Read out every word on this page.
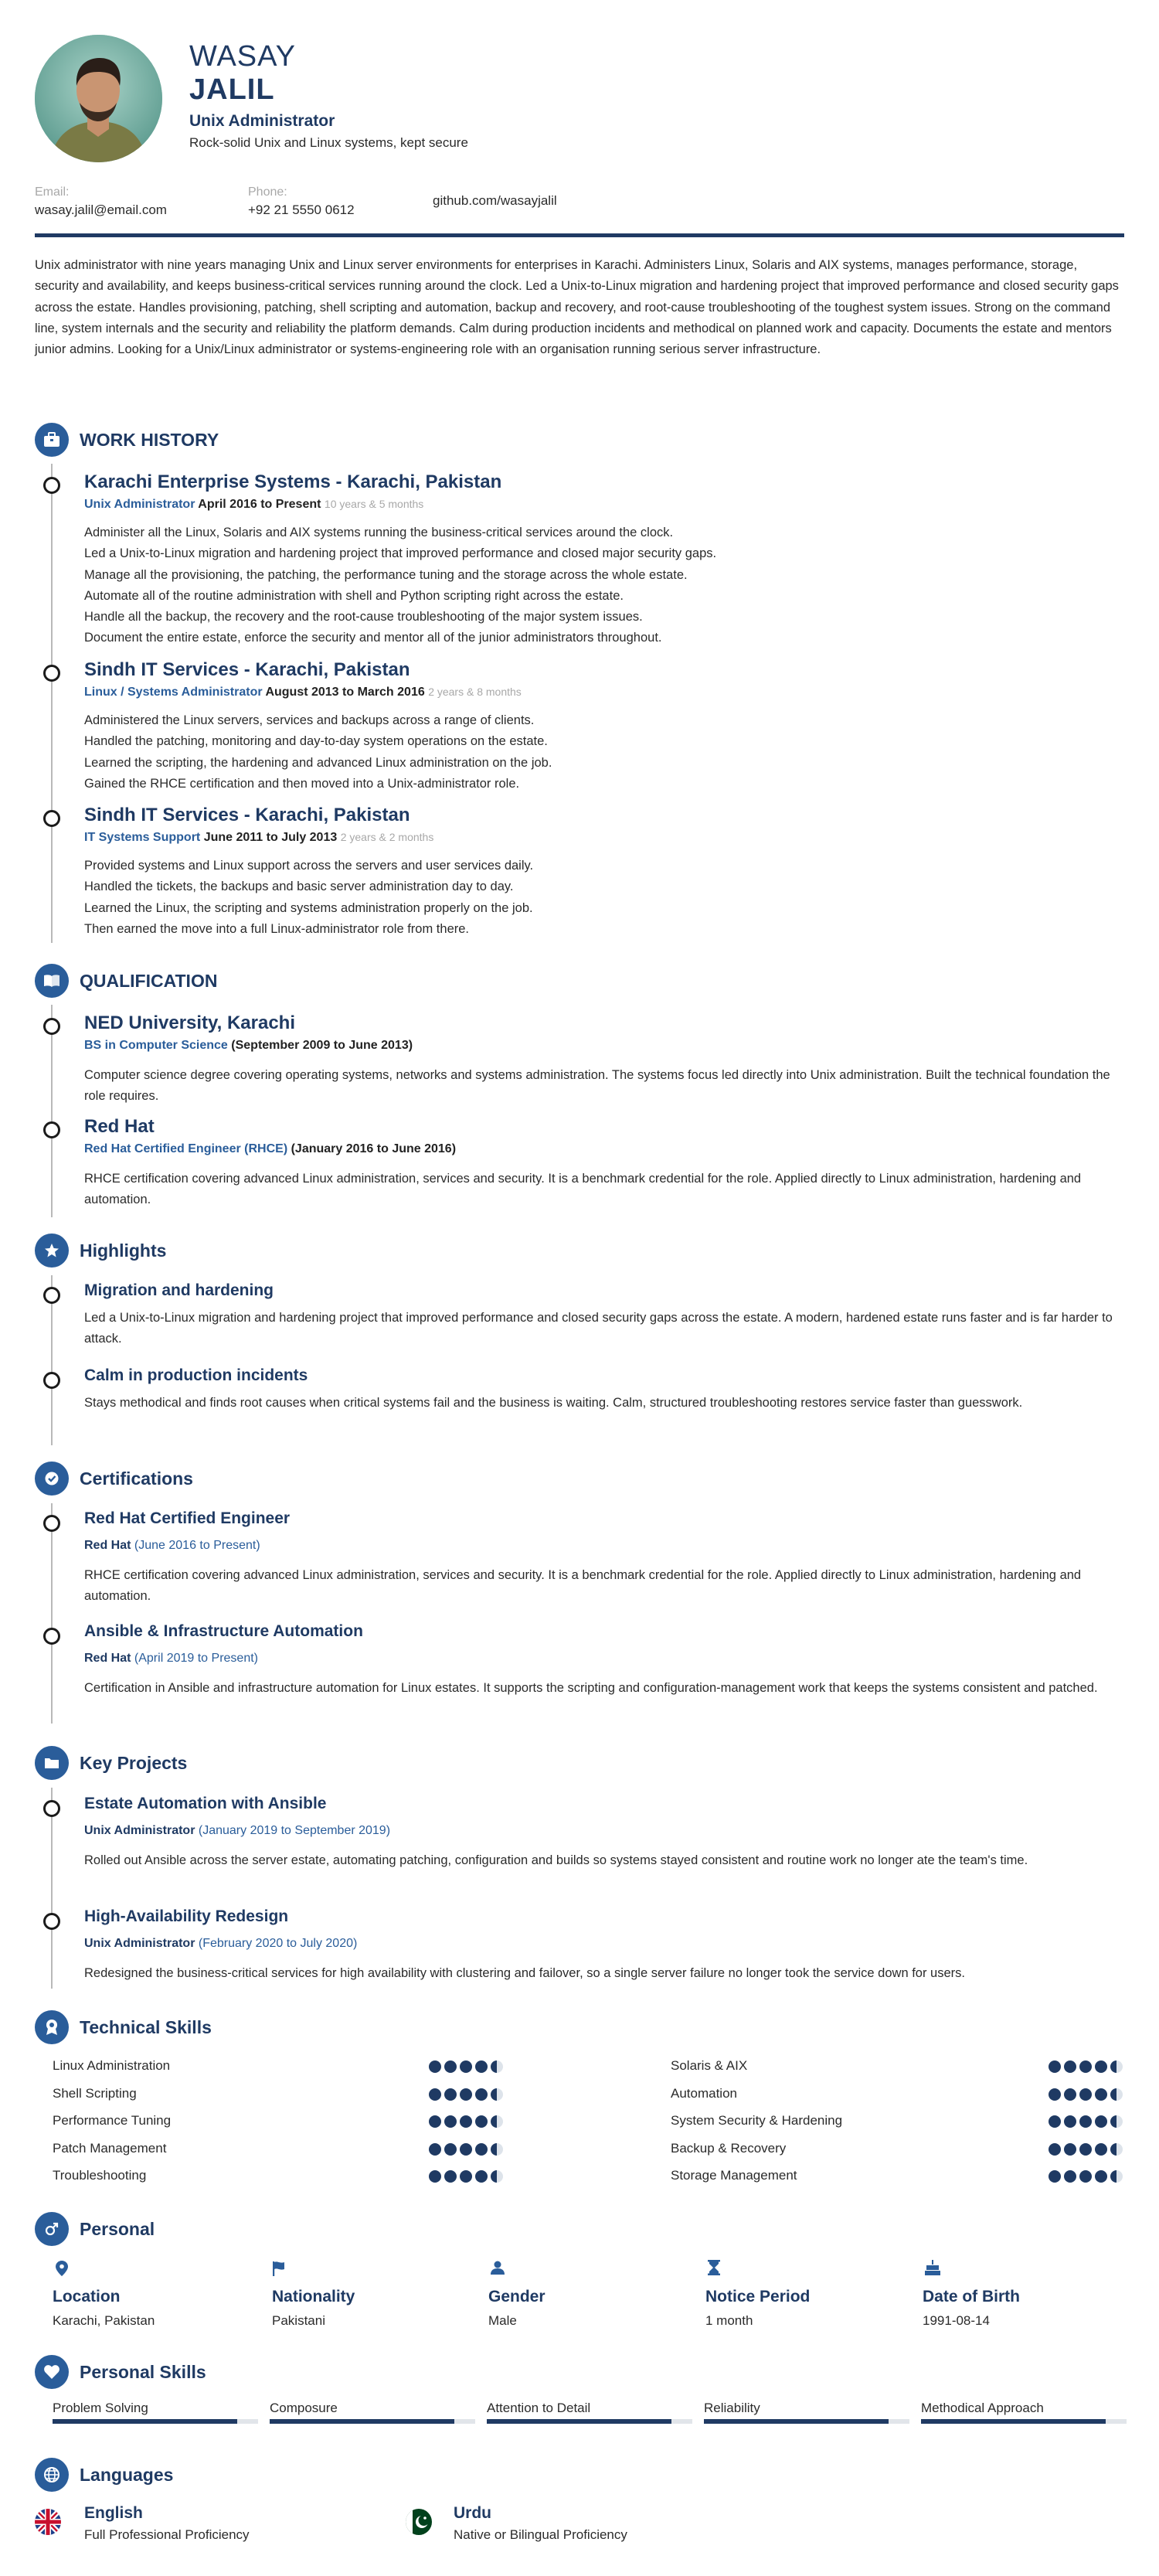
WASAY
JALIL
Unix Administrator
Rock-solid Unix and Linux systems, kept secure
Email:
wasay.jalil@email.com
Phone:
+92 21 5550 0612
github.com/wasayjalil
Unix administrator with nine years managing Unix and Linux server environments for enterprises in Karachi. Administers Linux, Solaris and AIX systems, manages performance, storage, security and availability, and keeps business-critical services running around the clock. Led a Unix-to-Linux migration and hardening project that improved performance and closed security gaps across the estate. Handles provisioning, patching, shell scripting and automation, backup and recovery, and root-cause troubleshooting of the toughest system issues. Strong on the command line, system internals and the security and reliability the platform demands. Calm during production incidents and methodical on planned work and capacity. Documents the estate and mentors junior admins. Looking for a Unix/Linux administrator or systems-engineering role with an organisation running serious server infrastructure.
WORK HISTORY
Karachi Enterprise Systems - Karachi, Pakistan
Unix Administrator April 2016 to Present 10 years & 5 months
Administer all the Linux, Solaris and AIX systems running the business-critical services around the clock.
Led a Unix-to-Linux migration and hardening project that improved performance and closed major security gaps.
Manage all the provisioning, the patching, the performance tuning and the storage across the whole estate.
Automate all of the routine administration with shell and Python scripting right across the estate.
Handle all the backup, the recovery and the root-cause troubleshooting of the major system issues.
Document the entire estate, enforce the security and mentor all of the junior administrators throughout.
Sindh IT Services - Karachi, Pakistan
Linux / Systems Administrator August 2013 to March 2016 2 years & 8 months
Administered the Linux servers, services and backups across a range of clients.
Handled the patching, monitoring and day-to-day system operations on the estate.
Learned the scripting, the hardening and advanced Linux administration on the job.
Gained the RHCE certification and then moved into a Unix-administrator role.
Sindh IT Services - Karachi, Pakistan
IT Systems Support June 2011 to July 2013 2 years & 2 months
Provided systems and Linux support across the servers and user services daily.
Handled the tickets, the backups and basic server administration day to day.
Learned the Linux, the scripting and systems administration properly on the job.
Then earned the move into a full Linux-administrator role from there.
QUALIFICATION
NED University, Karachi
BS in Computer Science (September 2009 to June 2013)
Computer science degree covering operating systems, networks and systems administration. The systems focus led directly into Unix administration. Built the technical foundation the role requires.
Red Hat
Red Hat Certified Engineer (RHCE) (January 2016 to June 2016)
RHCE certification covering advanced Linux administration, services and security. It is a benchmark credential for the role. Applied directly to Linux administration, hardening and automation.
Highlights
Migration and hardening
Led a Unix-to-Linux migration and hardening project that improved performance and closed security gaps across the estate. A modern, hardened estate runs faster and is far harder to attack.
Calm in production incidents
Stays methodical and finds root causes when critical systems fail and the business is waiting. Calm, structured troubleshooting restores service faster than guesswork.
Certifications
Red Hat Certified Engineer
Red Hat (June 2016 to Present)
RHCE certification covering advanced Linux administration, services and security. It is a benchmark credential for the role. Applied directly to Linux administration, hardening and automation.
Ansible & Infrastructure Automation
Red Hat (April 2019 to Present)
Certification in Ansible and infrastructure automation for Linux estates. It supports the scripting and configuration-management work that keeps the systems consistent and patched.
Key Projects
Estate Automation with Ansible
Unix Administrator (January 2019 to September 2019)
Rolled out Ansible across the server estate, automating patching, configuration and builds so systems stayed consistent and routine work no longer ate the team's time.
High-Availability Redesign
Unix Administrator (February 2020 to July 2020)
Redesigned the business-critical services for high availability with clustering and failover, so a single server failure no longer took the service down for users.
Technical Skills
Linux Administration
Shell Scripting
Performance Tuning
Patch Management
Troubleshooting
Solaris & AIX
Automation
System Security & Hardening
Backup & Recovery
Storage Management
Personal
Location
Karachi, Pakistan
Nationality
Pakistani
Gender
Male
Notice Period
1 month
Date of Birth
1991-08-14
Personal Skills
Problem Solving	Composure	Attention to Detail	Reliability	Methodical Approach
Languages
English
Full Professional Proficiency
Urdu
Native or Bilingual Proficiency
